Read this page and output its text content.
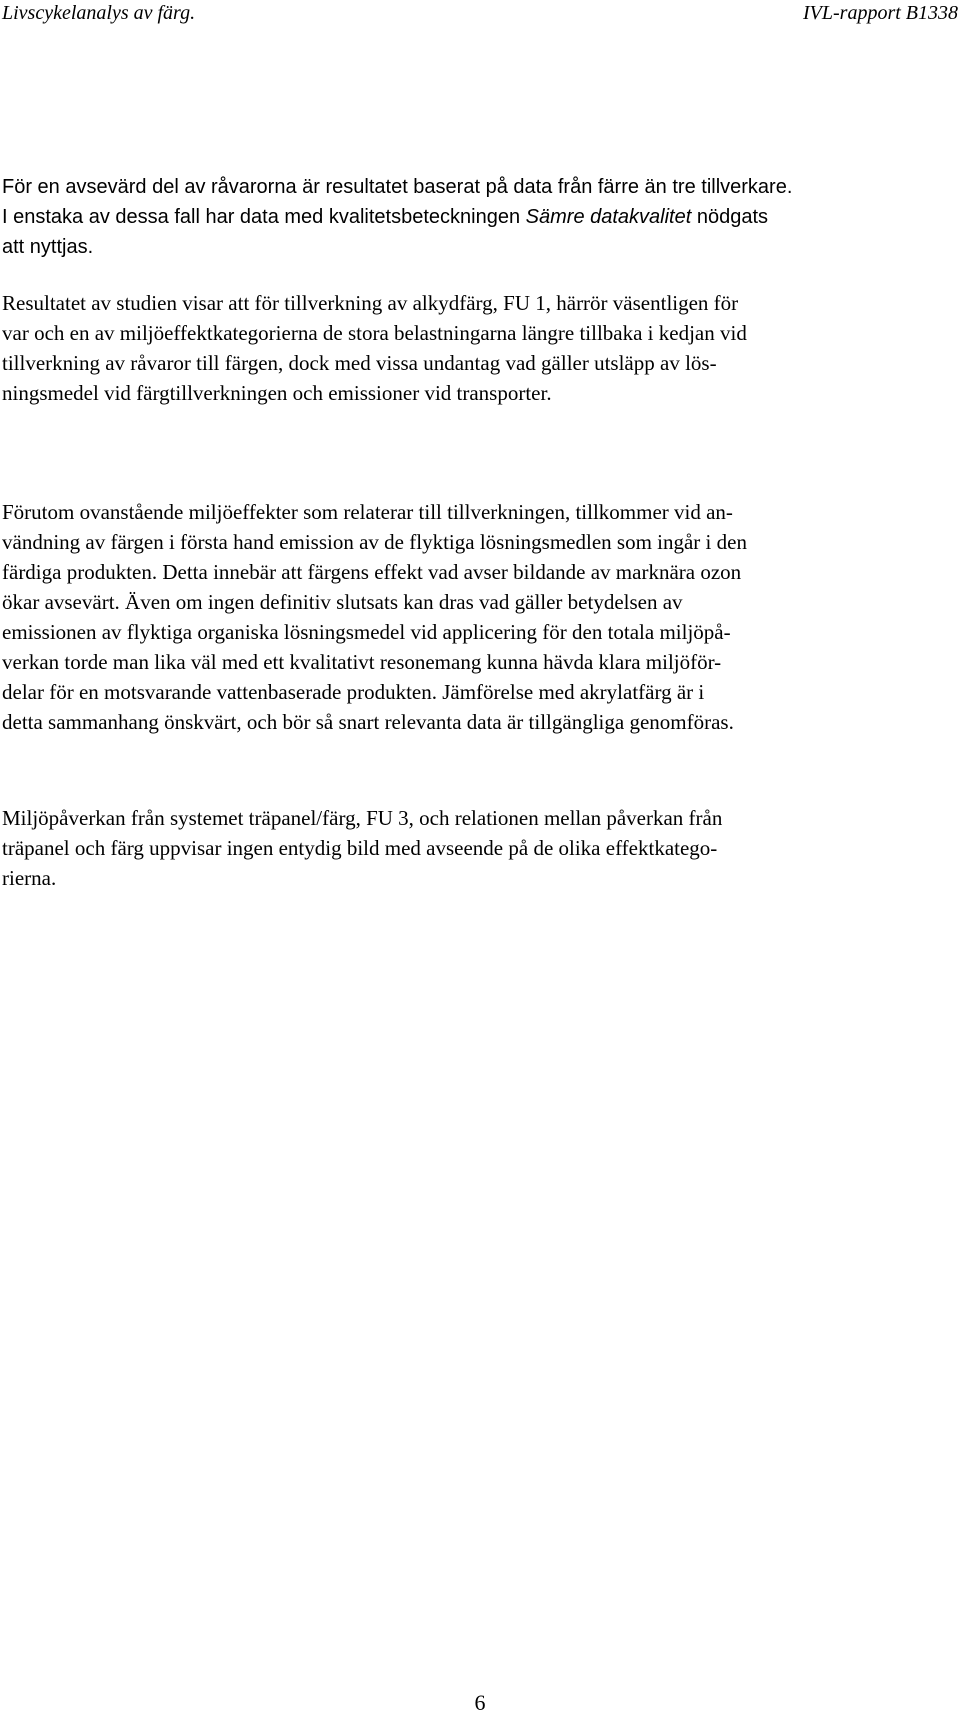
Livscykelanalys av färg.	IVL-rapport B1338
För en avsevärd del av råvarorna är resultatet baserat på data från färre än tre tillverkare.
I enstaka av dessa fall har data med kvalitetsbeteckningen Sämre datakvalitet nödgats
att nyttjas.
Resultatet av studien visar att för tillverkning av alkydfärg, FU 1, härrör väsentligen för
var och en av miljöeffektkategorierna de stora belastningarna längre tillbaka i kedjan vid
tillverkning av råvaror till färgen, dock med vissa undantag vad gäller utsläpp av lös-
ningsmedel vid färgtillverkningen och emissioner vid transporter.
Förutom ovanstående miljöeffekter som relaterar till tillverkningen, tillkommer vid an-
vändning av färgen i första hand emission av de flyktiga lösningsmedlen som ingår i den
färdiga produkten. Detta innebär att färgens effekt vad avser bildande av marknära ozon
ökar avsevärt. Även om ingen definitiv slutsats kan dras vad gäller betydelsen av
emissionen av flyktiga organiska lösningsmedel vid applicering för den totala miljöpå-
verkan torde man lika väl med ett kvalitativt resonemang kunna hävda klara miljöför-
delar för en motsvarande vattenbaserade produkten. Jämförelse med akrylatfärg är i
detta sammanhang önskvärt, och bör så snart relevanta data är tillgängliga genomföras.
Miljöpåverkan från systemet träpanel/färg, FU 3, och relationen mellan påverkan från
träpanel och färg uppvisar ingen entydig bild med avseende på de olika effektkatego-
rierna.
6
